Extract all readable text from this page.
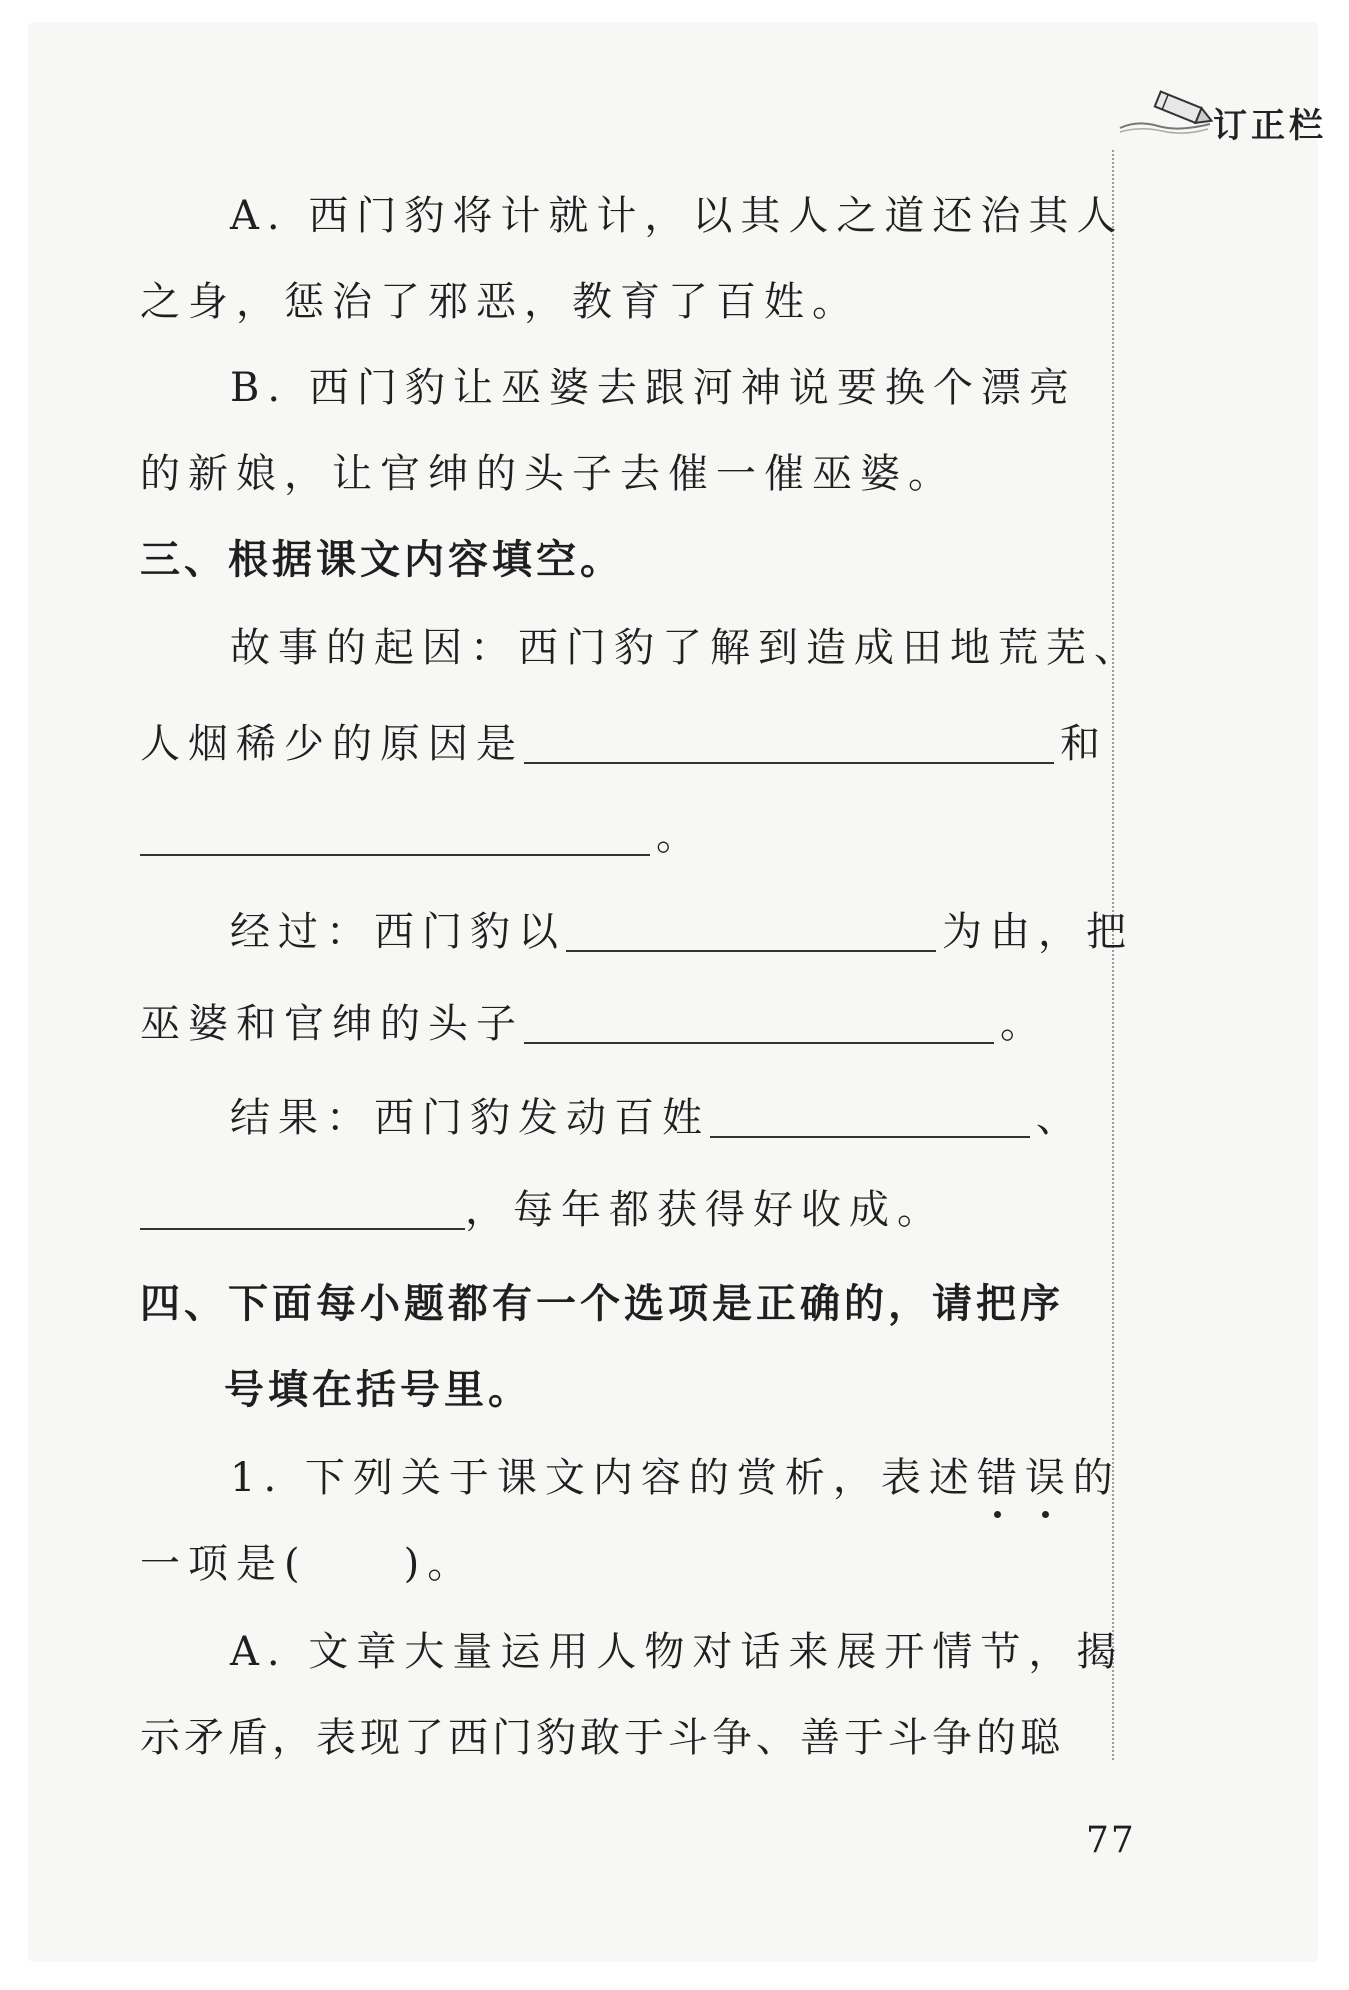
订正栏
A. 西门豹将计就计，以其人之道还治其人
之身，惩治了邪恶，教育了百姓。
B. 西门豹让巫婆去跟河神说要换个漂亮
的新娘，让官绅的头子去催一催巫婆。
三、根据课文内容填空。
故事的起因：西门豹了解到造成田地荒芜、
人烟稀少的原因是	和
。
经过：西门豹以	为由，把
巫婆和官绅的头子	。
结果：西门豹发动百姓	、
，每年都获得好收成。
四、下面每小题都有一个选项是正确的，请把序
号填在括号里。
1. 下列关于课文内容的赏析，表述错误的
一项是(　　)。
A. 文章大量运用人物对话来展开情节，揭
示矛盾，表现了西门豹敢于斗争、善于斗争的聪
77
